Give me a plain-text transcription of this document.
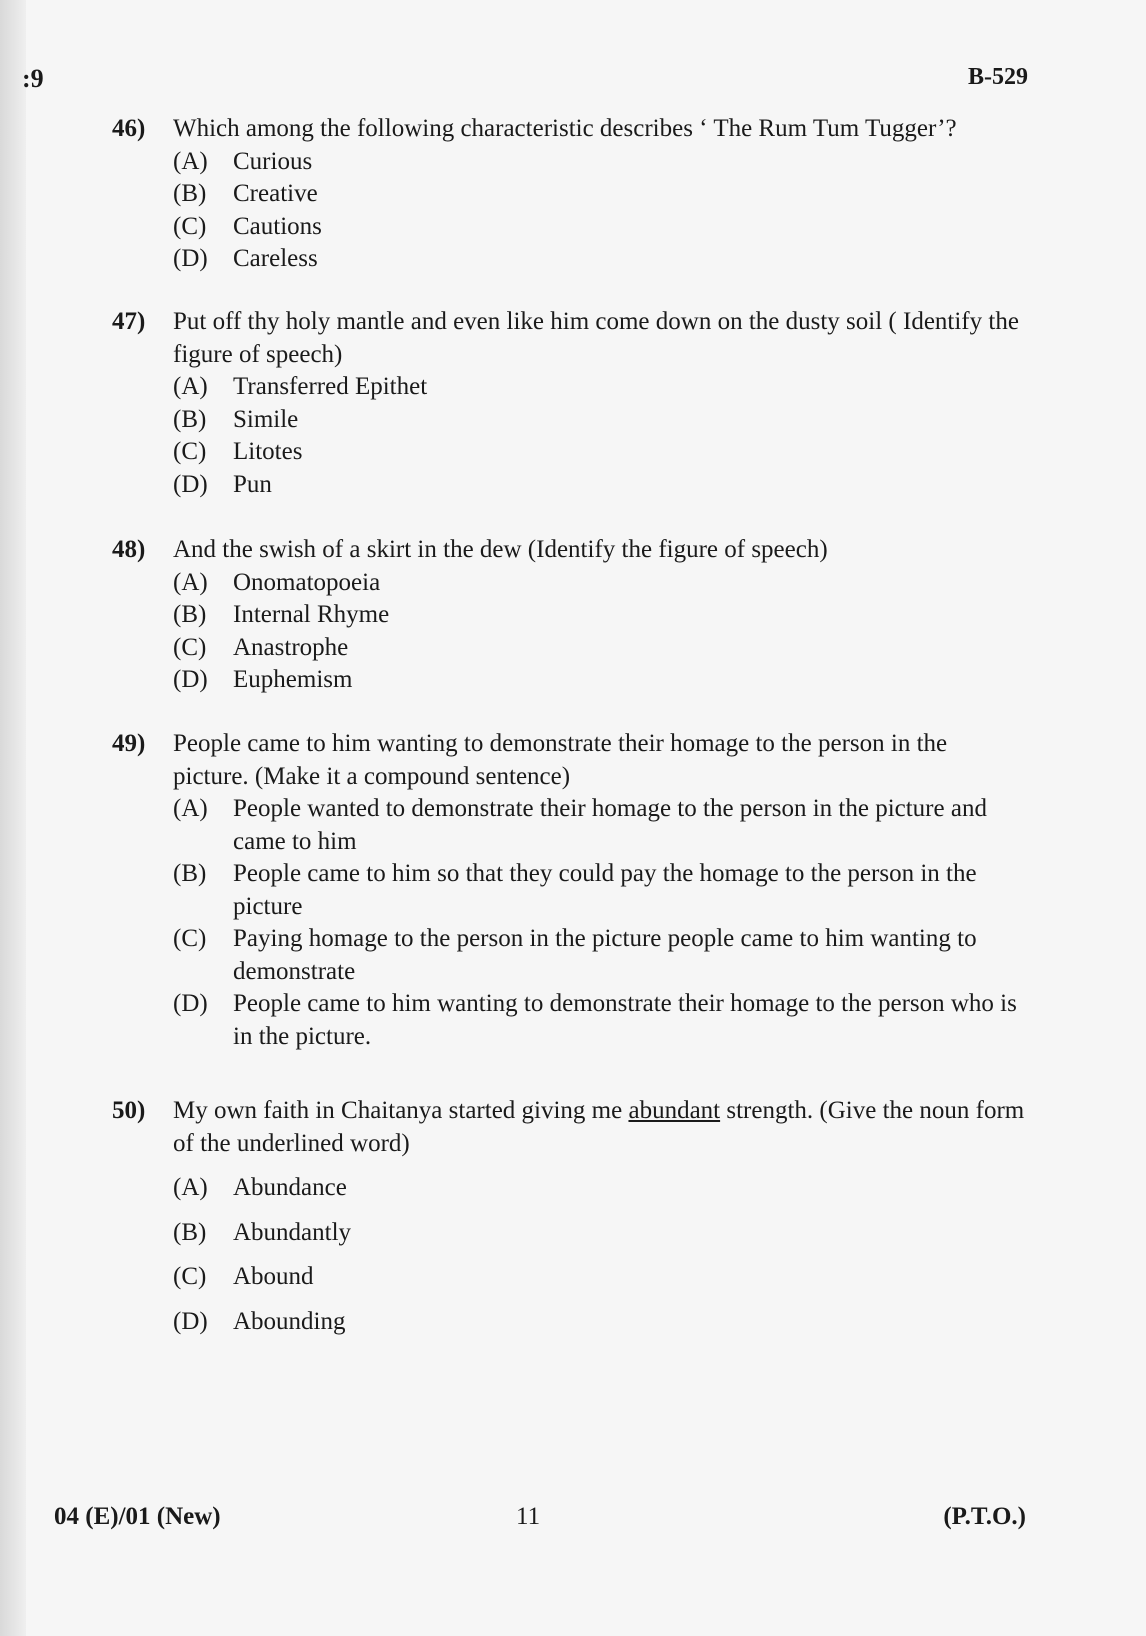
:9	B-529
46)	Which among the following characteristic describes ‘ The Rum Tum Tugger’?
(A)	Curious
(B)	Creative
(C)	Cautions
(D)	Careless
47)	Put off thy holy mantle and even like him come down on the dusty soil ( Identify the figure of speech)
(A)	Transferred Epithet
(B)	Simile
(C)	Litotes
(D)	Pun
48)	And the swish of a skirt in the dew (Identify the figure of speech)
(A)	Onomatopoeia
(B)	Internal Rhyme
(C)	Anastrophe
(D)	Euphemism
49)	People came to him wanting to demonstrate their homage to the person in the picture. (Make it a compound sentence)
(A)	People wanted to demonstrate their homage to the person in the picture and came to him
(B)	People came to him so that they could pay the homage to the person in the picture
(C)	Paying homage to the person in the picture people came to him wanting to demonstrate
(D)	People came to him wanting to demonstrate their homage to the person who is in the picture.
50)	My own faith in Chaitanya started giving me abundant strength. (Give the noun form of the underlined word)
(A)	Abundance
(B)	Abundantly
(C)	Abound
(D)	Abounding
04 (E)/01 (New)	11	(P.T.O.)
